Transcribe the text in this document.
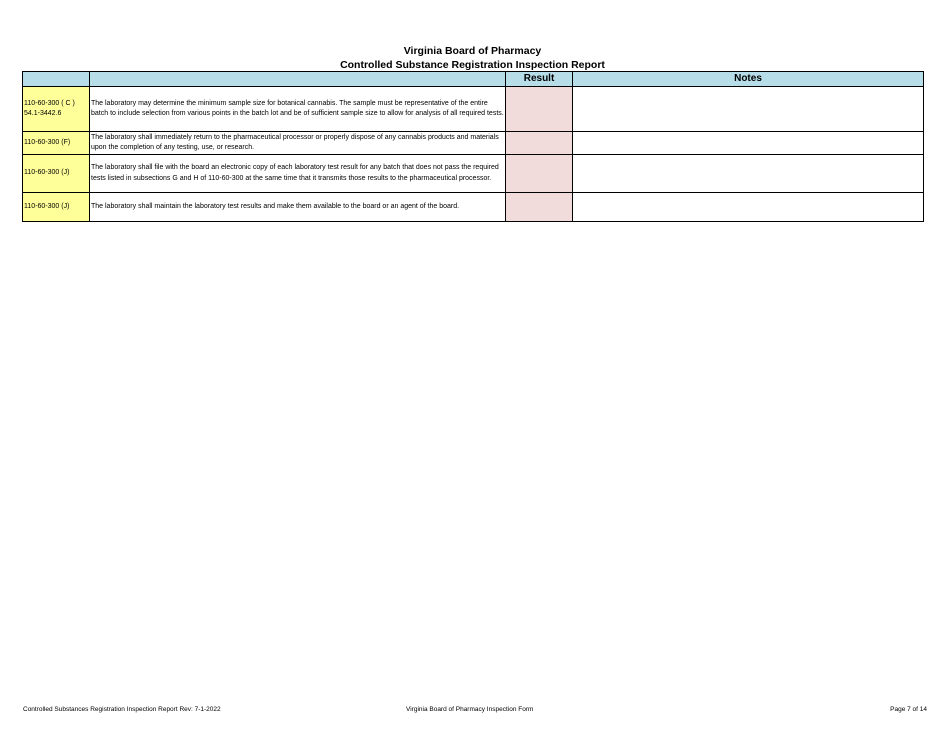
Virginia Board of Pharmacy
Controlled Substance Registration Inspection Report
		Result	Notes
110-60-300 ( C ) 54.1-3442.6	The laboratory may determine the minimum sample size for botanical cannabis. The sample must be representative of the entire batch to include selection from various points in the batch lot and be of sufficient sample size to allow for analysis of all required tests.		
110-60-300 (F)	The laboratory shall immediately return to the pharmaceutical processor or properly dispose of any cannabis products and materials upon the completion of any testing, use, or research.		
110-60-300 (J)	The laboratory shall file with the board an electronic copy of each laboratory test result for any batch that does not pass the required tests listed in subsections G and H of 110-60-300 at the same time that it transmits those results to the pharmaceutical processor.		
110-60-300 (J)	The laboratory shall maintain the laboratory test results and make them available to the board or an agent of the board.		
Controlled Substances Registration Inspection Report Rev: 7-1-2022	Virginia Board of Pharmacy Inspection Form	Page 7 of 14
